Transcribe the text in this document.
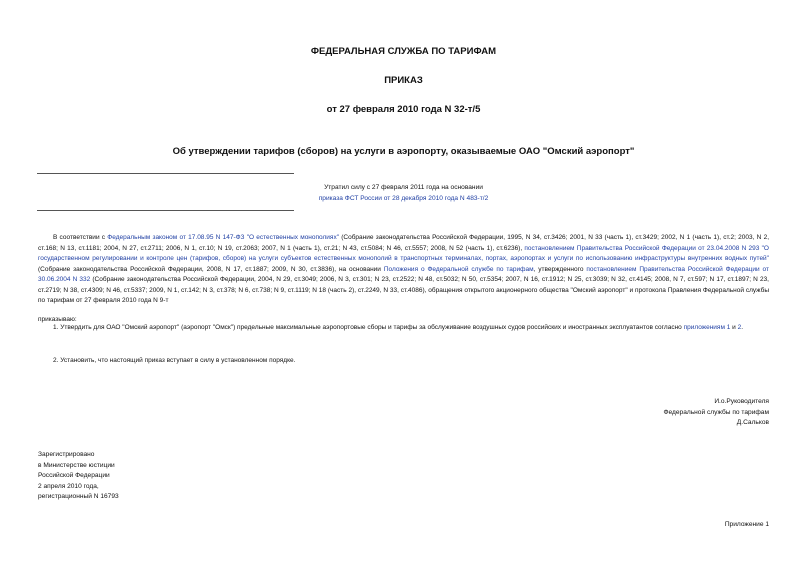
ФЕДЕРАЛЬНАЯ СЛУЖБА ПО ТАРИФАМ
ПРИКАЗ
от 27 февраля 2010 года N 32-т/5
Об утверждении тарифов (сборов) на услуги в аэропорту, оказываемые ОАО "Омский аэропорт"
Утратил силу с 27 февраля 2011 года на основании
приказа ФСТ России от 28 декабря 2010 года N 483-т/2

В соответствии с Федеральным законом от 17.08.95 N 147-ФЗ "О естественных монополиях" (Собрание законодательства Российской Федерации, 1995, N 34, ст.3426; 2001, N 33 (часть 1), ст.3429; 2002, N 1 (часть 1), ст.2; 2003, N 2, ст.168; N 13, ст.1181; 2004, N 27, ст.2711; 2006, N 1, ст.10; N 19, ст.2063; 2007, N 1 (часть 1), ст.21; N 43, ст.5084; N 46, ст.5557; 2008, N 52 (часть 1), ст.6236), постановлением Правительства Российской Федерации от 23.04.2008 N 293 "О государственном регулировании и контроле цен (тарифов, сборов) на услуги субъектов естественных монополий в транспортных терминалах, портах, аэропортах и услуги по использованию инфраструктуры внутренних водных путей" (Собрание законодательства Российской Федерации, 2008, N 17, ст.1887; 2009, N 30, ст.3836), на основании Положения о Федеральной службе по тарифам, утвержденного постановлением Правительства Российской Федерации от 30.06.2004 N 332 (Собрание законодательства Российской Федерации, 2004, N 29, ст.3049; 2006, N 3, ст.301; N 23, ст.2522; N 48, ст.5032; N 50, ст.5354; 2007, N 16, ст.1912; N 25, ст.3039; N 32, ст.4145; 2008, N 7, ст.597; N 17, ст.1897; N 23, ст.2719; N 38, ст.4309; N 46, ст.5337; 2009, N 1, ст.142; N 3, ст.378; N 6, ст.738; N 9, ст.1119; N 18 (часть 2), ст.2249, N 33, ст.4086), обращения открытого акционерного общества "Омский аэропорт" и протокола Правления Федеральной службы по тарифам от 27 февраля 2010 года N 9-т

приказываю:

1. Утвердить для ОАО "Омский аэропорт" (аэропорт "Омск") предельные максимальные аэропортовые сборы и тарифы за обслуживание воздушных судов российских и иностранных эксплуатантов согласно приложениям 1 и 2.

2. Установить, что настоящий приказ вступает в силу в установленном порядке.

И.о.Руководителя
Федеральной службы по тарифам
Д.Сальков
Зарегистрировано
в Министерстве юстиции
Российской Федерации
2 апреля 2010 года,
регистрационный N 16793
Приложение 1
